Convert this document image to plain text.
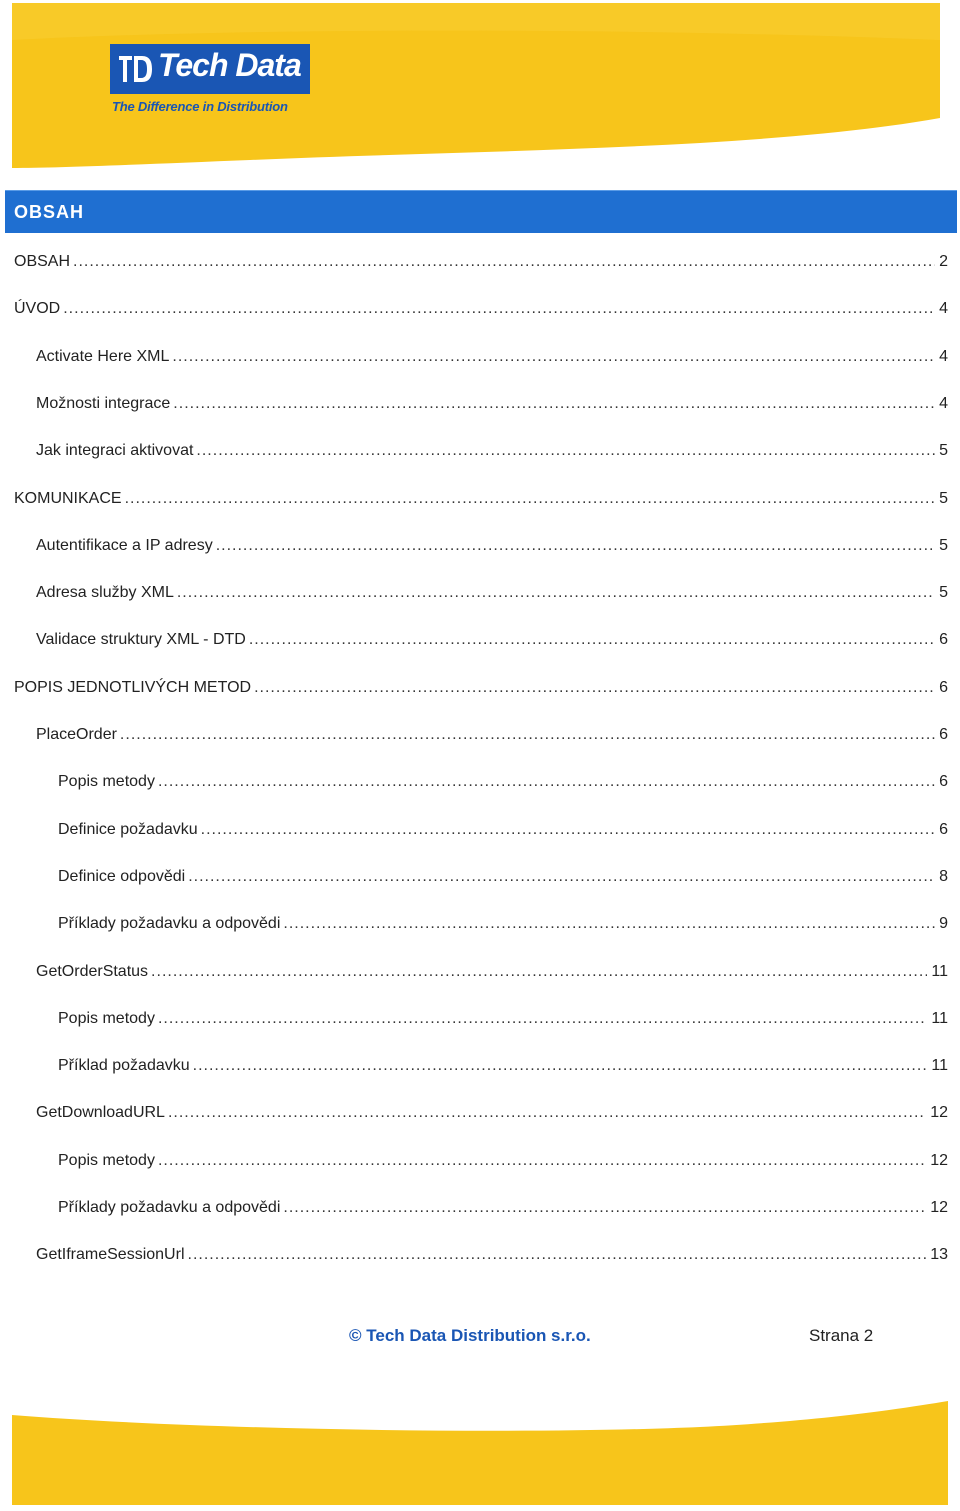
Tech Data
The Difference in Distribution
OBSAH
OBSAH .....	2
ÚVOD .....	4
Activate Here XML .....	4
Možnosti integrace .....	4
Jak integraci aktivovat .....	5
KOMUNIKACE .....	5
Autentifikace a IP adresy .....	5
Adresa služby XML .....	5
Validace struktury XML - DTD .....	6
POPIS JEDNOTLIVÝCH METOD .....	6
PlaceOrder .....	6
Popis metody .....	6
Definice požadavku .....	6
Definice odpovědi .....	8
Příklady požadavku a odpovědi .....	9
GetOrderStatus .....	11
Popis metody .....	11
Příklad požadavku .....	11
GetDownloadURL .....	12
Popis metody .....	12
Příklady požadavku a odpovědi .....	12
GetIframeSessionUrl .....	13
© Tech Data Distribution s.r.o.	Strana 2
